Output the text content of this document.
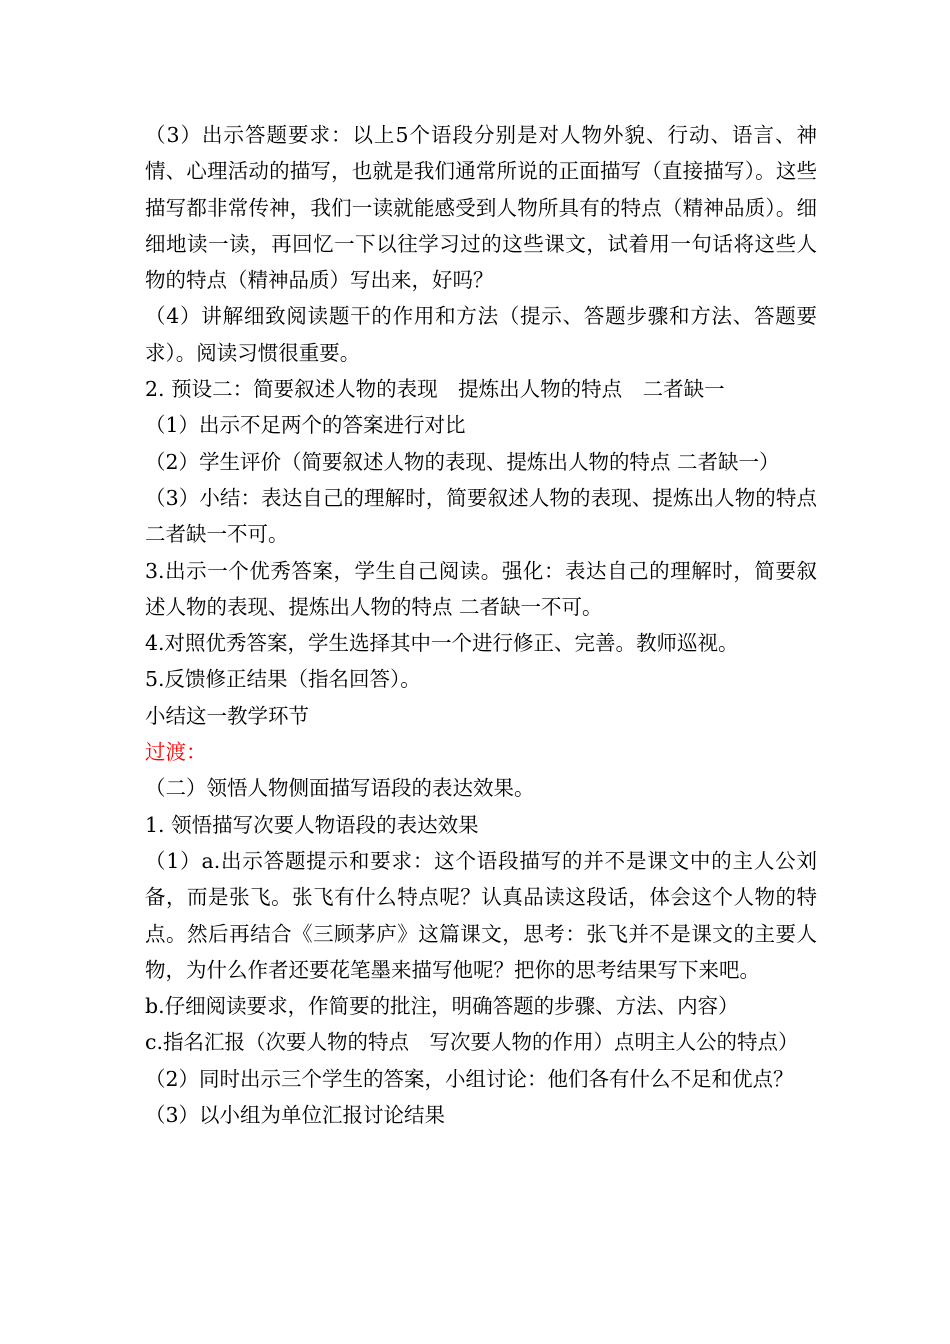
（3）出示答题要求：以上5个语段分别是对人物外貌、行动、语言、神情、心理活动的描写，也就是我们通常所说的正面描写（直接描写）。这些描写都非常传神，我们一读就能感受到人物所具有的特点（精神品质）。细细地读一读，再回忆一下以往学习过的这些课文，试着用一句话将这些人物的特点（精神品质）写出来，好吗？

（4）讲解细致阅读题干的作用和方法（提示、答题步骤和方法、答题要求）。阅读习惯很重要。

2. 预设二：简要叙述人物的表现　提炼出人物的特点　二者缺一

（1）出示不足两个的答案进行对比

（2）学生评价（简要叙述人物的表现、提炼出人物的特点 二者缺一）

（3）小结：表达自己的理解时，简要叙述人物的表现、提炼出人物的特点 二者缺一不可。

3.出示一个优秀答案，学生自己阅读。强化：表达自己的理解时，简要叙述人物的表现、提炼出人物的特点 二者缺一不可。

4.对照优秀答案，学生选择其中一个进行修正、完善。教师巡视。

5.反馈修正结果（指名回答）。

小结这一教学环节

过渡：

（二）领悟人物侧面描写语段的表达效果。

1. 领悟描写次要人物语段的表达效果

（1）a.出示答题提示和要求：这个语段描写的并不是课文中的主人公刘备，而是张飞。张飞有什么特点呢？认真品读这段话，体会这个人物的特点。然后再结合《三顾茅庐》这篇课文，思考：张飞并不是课文的主要人物，为什么作者还要花笔墨来描写他呢？把你的思考结果写下来吧。

b.仔细阅读要求，作简要的批注，明确答题的步骤、方法、内容）

c.指名汇报（次要人物的特点　写次要人物的作用）点明主人公的特点）

（2）同时出示三个学生的答案，小组讨论：他们各有什么不足和优点？

（3）以小组为单位汇报讨论结果
